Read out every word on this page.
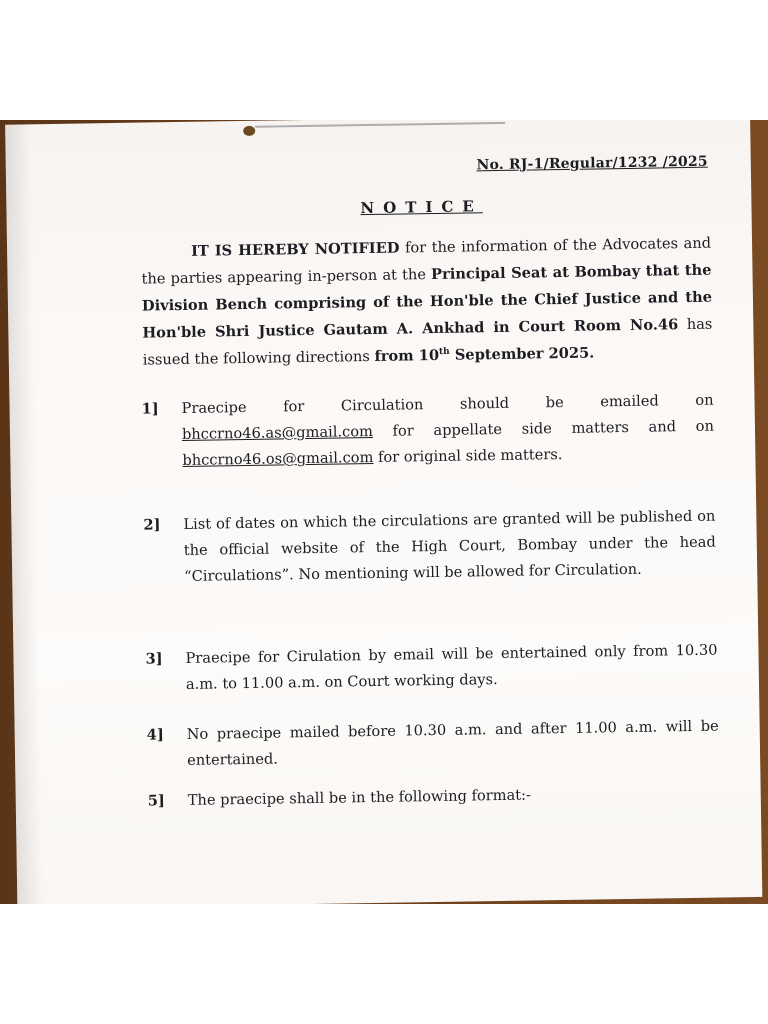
No. RJ-1/Regular/1232 /2025
NOTICE
IT IS HEREBY NOTIFIED for the information of the Advocates and the parties appearing in-person at the Principal Seat at Bombay that the Division Bench comprising of the Hon'ble the Chief Justice and the Hon'ble Shri Justice Gautam A. Ankhad in Court Room No.46 has issued the following directions from 10th September 2025.
1] Praecipe for Circulation should be emailed on bhccrno46.as@gmail.com for appellate side matters and on bhccrno46.os@gmail.com for original side matters.
2] List of dates on which the circulations are granted will be published on the official website of the High Court, Bombay under the head “Circulations”. No mentioning will be allowed for Circulation.
3] Praecipe for Cirulation by email will be entertained only from 10.30 a.m. to 11.00 a.m. on Court working days.
4] No praecipe mailed before 10.30 a.m. and after 11.00 a.m. will be entertained.
5] The praecipe shall be in the following format:-
